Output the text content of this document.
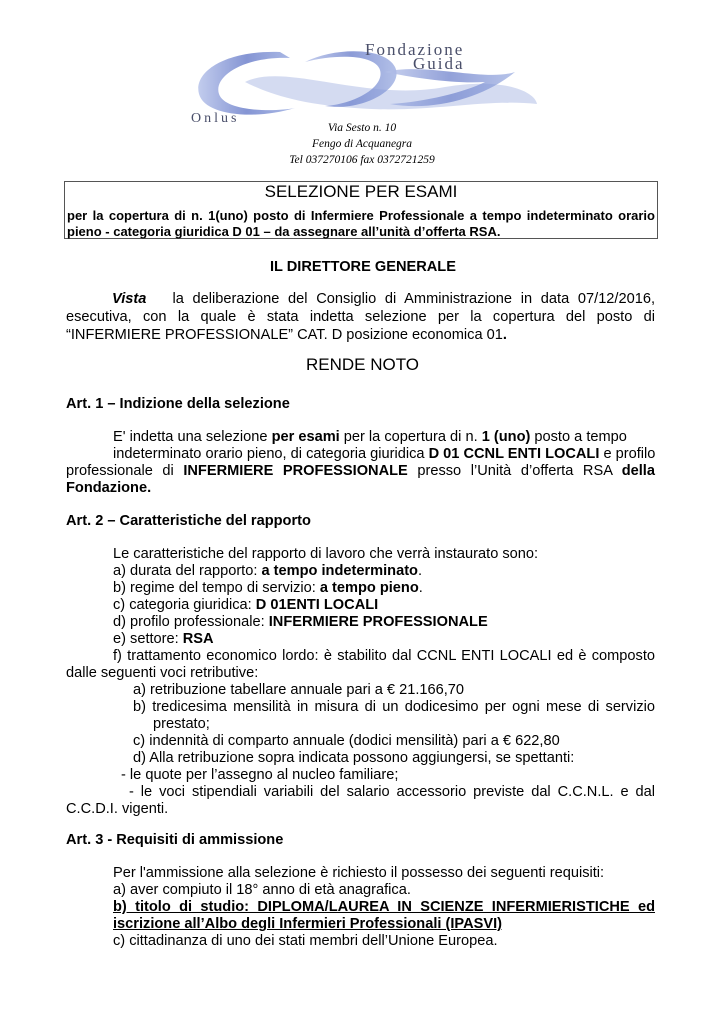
Fondazione
Guida
Onlus
Via Sesto n. 10
Fengo di Acquanegra
Tel 037270106 fax 0372721259
SELEZIONE PER ESAMI
per la copertura di n. 1(uno) posto di Infermiere Professionale a tempo indeterminato orario pieno - categoria giuridica D 01 – da assegnare all’unità d’offerta RSA.
IL DIRETTORE GENERALE
Vista la deliberazione del Consiglio di Amministrazione in data 07/12/2016,
esecutiva, con la quale è stata indetta selezione per la copertura del posto di
“INFERMIERE PROFESSIONALE” CAT. D posizione economica 01.
RENDE NOTO
Art. 1 – Indizione della selezione
E' indetta una selezione per esami per la copertura di n. 1 (uno) posto a tempo
indeterminato orario pieno, di categoria giuridica D 01 CCNL ENTI LOCALI e profilo
professionale di INFERMIERE PROFESSIONALE presso l’Unità d’offerta RSA della
Fondazione.
Art. 2 – Caratteristiche del rapporto
Le caratteristiche del rapporto di lavoro che verrà instaurato sono:
a) durata del rapporto: a tempo indeterminato.
b) regime del tempo di servizio: a tempo pieno.
c) categoria giuridica: D 01ENTI LOCALI
d) profilo professionale: INFERMIERE PROFESSIONALE
e) settore: RSA
f) trattamento economico lordo: è stabilito dal CCNL ENTI LOCALI ed è composto
dalle seguenti voci retributive:
a) retribuzione tabellare annuale pari a € 21.166,70
b) tredicesima mensilità in misura di un dodicesimo per ogni mese di servizio
prestato;
c) indennità di comparto annuale (dodici mensilità) pari a € 622,80
d) Alla retribuzione sopra indicata possono aggiungersi, se spettanti:
- le quote per l’assegno al nucleo familiare;
- le voci stipendiali variabili del salario accessorio previste dal C.C.N.L. e dal
C.C.D.I. vigenti.
Art. 3 - Requisiti di ammissione
Per l'ammissione alla selezione è richiesto il possesso dei seguenti requisiti:
a) aver compiuto il 18° anno di età anagrafica.
b) titolo di studio: DIPLOMA/LAUREA IN SCIENZE INFERMIERISTICHE ed
iscrizione all’Albo degli Infermieri Professionali (IPASVI)
c) cittadinanza di uno dei stati membri dell’Unione Europea.
